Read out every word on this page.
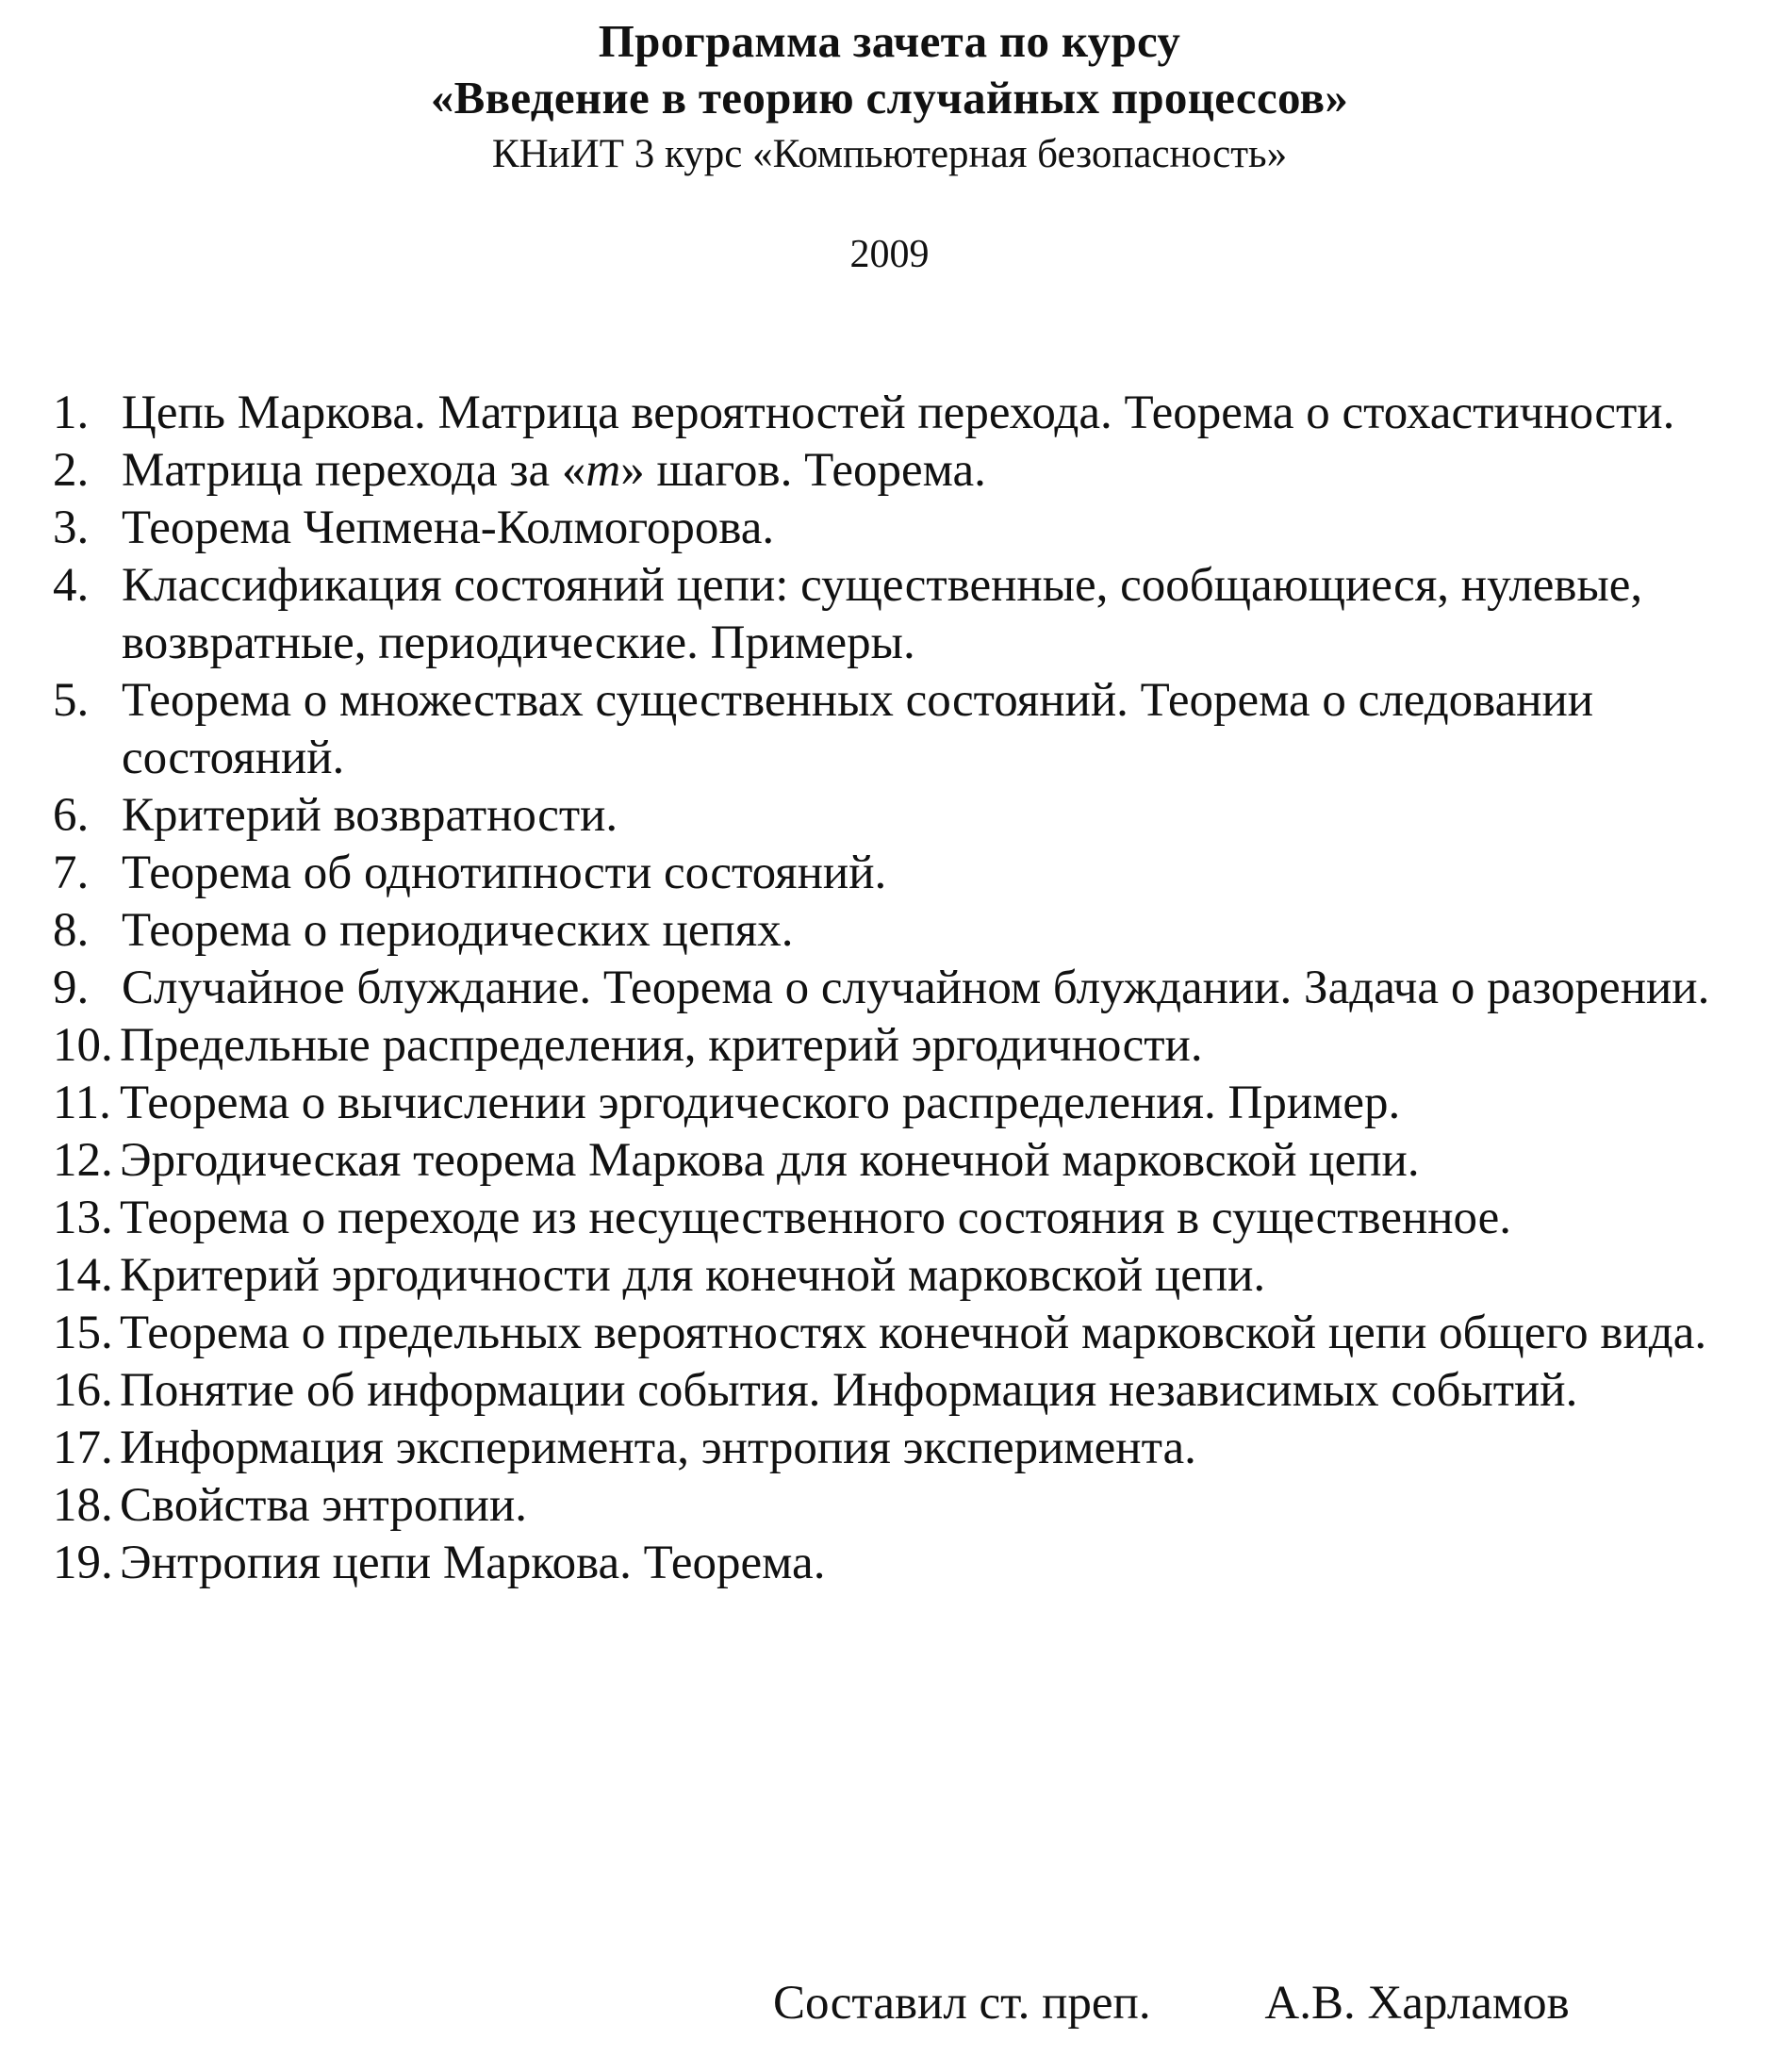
Программа зачета по курсу

«Введение в теорию случайных процессов»

КНиИТ 3 курс «Компьютерная безопасность»

2009
1. Цепь Маркова. Матрица вероятностей перехода. Теорема о стохастичности.
2. Матрица перехода за «m» шагов. Теорема.
3. Теорема Чепмена-Колмогорова.
4. Классификация состояний цепи: существенные, сообщающиеся, нулевые, возвратные, периодические. Примеры.
5. Теорема о множествах существенных состояний. Теорема о следовании состояний.
6. Критерий возвратности.
7. Теорема об однотипности состояний.
8. Теорема о периодических цепях.
9. Случайное блуждание. Теорема о случайном блуждании. Задача о разорении.
10. Предельные распределения, критерий эргодичности.
11. Теорема о вычислении эргодического распределения. Пример.
12. Эргодическая теорема Маркова для конечной марковской цепи.
13. Теорема о переходе из несущественного состояния в существенное.
14. Критерий эргодичности для конечной марковской цепи.
15. Теорема о предельных вероятностях конечной марковской цепи общего вида.
16. Понятие об информации события. Информация независимых событий.
17. Информация эксперимента, энтропия эксперимента.
18. Свойства энтропии.
19. Энтропия цепи Маркова. Теорема.
Составил ст. преп. А.В. Харламов
